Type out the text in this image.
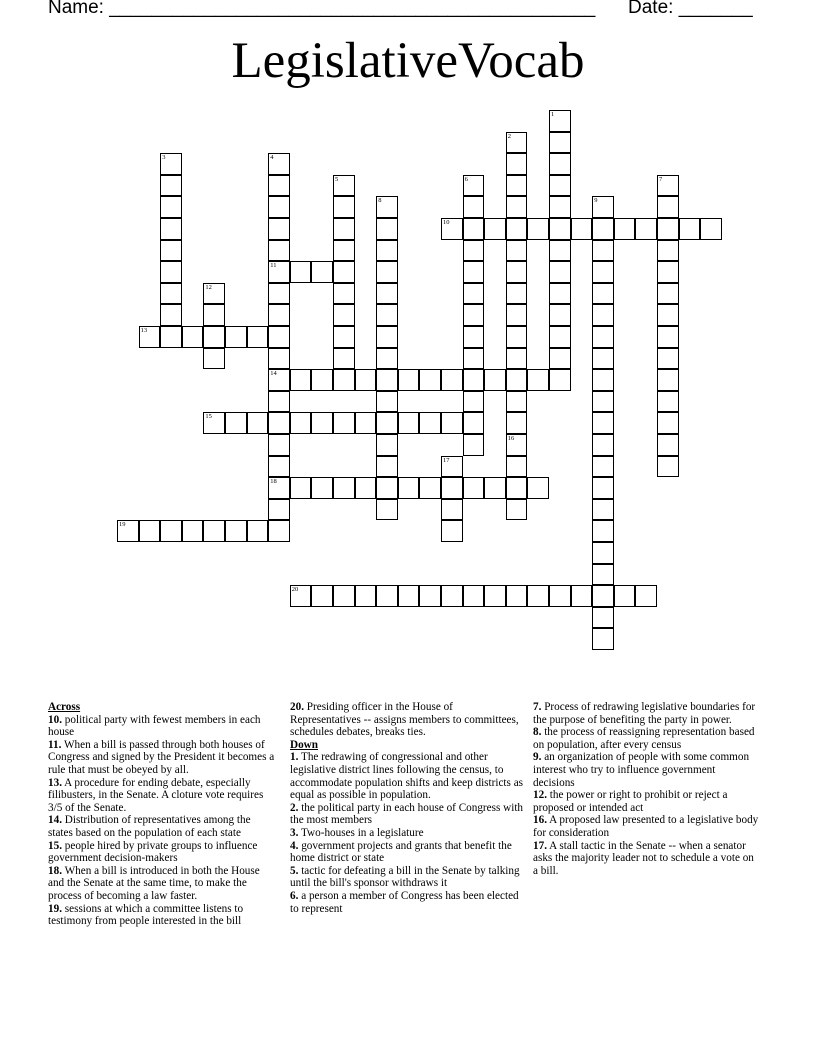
Name: ______________________________________________ Date: _______
LegislativeVocab
1
2
3	4
5	6	7
8	9
10
11
12
13
14
15
16
17
18
19
20

Across

10. political party with fewest members in each house

11. When a bill is passed through both houses of Congress and signed by the President it becomes a rule that must be obeyed by all.

13. A procedure for ending debate, especially filibusters, in the Senate. A cloture vote requires 3/5 of the Senate.

14. Distribution of representatives among the states based on the population of each state

15. people hired by private groups to influence government decision-makers

18. When a bill is introduced in both the House and the Senate at the same time, to make the process of becoming a law faster.

19. sessions at which a committee listens to testimony from people interested in the bill

20. Presiding officer in the House of Representatives -- assigns members to committees, schedules debates, breaks ties.

Down

1. The redrawing of congressional and other legislative district lines following the census, to accommodate population shifts and keep districts as equal as possible in population.

2. the political party in each house of Congress with the most members

3. Two-houses in a legislature

4. government projects and grants that benefit the home district or state

5. tactic for defeating a bill in the Senate by talking until the bill's sponsor withdraws it

6. a person a member of Congress has been elected to represent

7. Process of redrawing legislative boundaries for the purpose of benefiting the party in power.

8. the process of reassigning representation based on population, after every census

9. an organization of people with some common interest who try to influence government decisions

12. the power or right to prohibit or reject a proposed or intended act

16. A proposed law presented to a legislative body for consideration

17. A stall tactic in the Senate -- when a senator asks the majority leader not to schedule a vote on a bill.
